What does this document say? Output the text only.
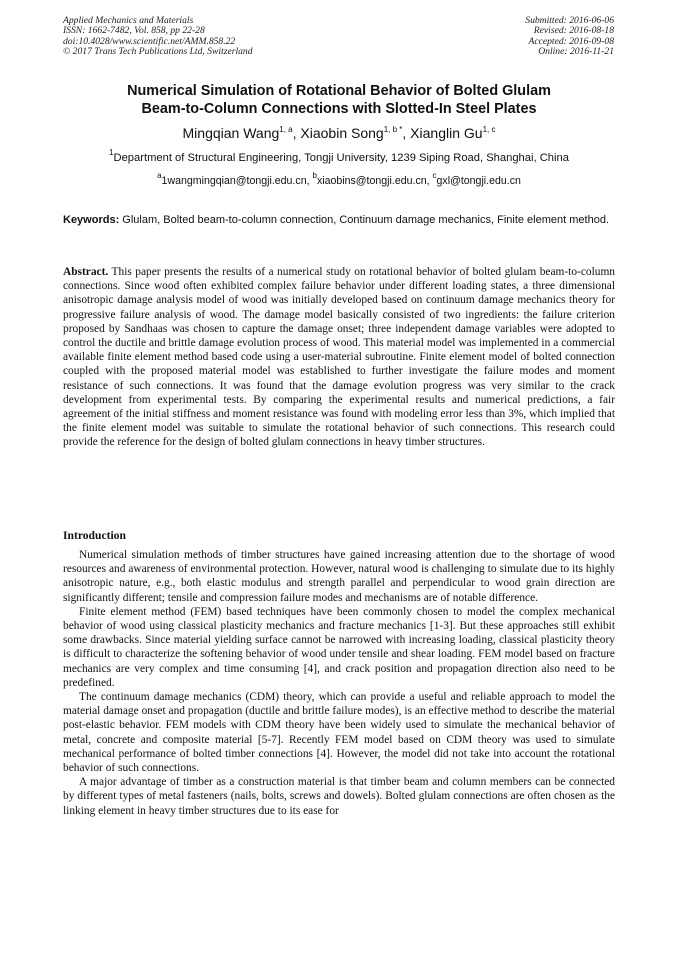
Applied Mechanics and Materials
ISSN: 1662-7482, Vol. 858, pp 22-28
doi:10.4028/www.scientific.net/AMM.858.22
© 2017 Trans Tech Publications Ltd, Switzerland
Submitted: 2016-06-06
Revised: 2016-08-18
Accepted: 2016-09-08
Online: 2016-11-21
Numerical Simulation of Rotational Behavior of Bolted Glulam
Beam-to-Column Connections with Slotted-In Steel Plates
Mingqian Wang$^{1, a}$, Xiaobin Song$^{1, b *}$, Xianglin Gu$^{1, c}$
$^1$Department of Structural Engineering, Tongji University, 1239 Siping Road, Shanghai, China
$^a$1wangmingqian@tongji.edu.cn, $^b$xiaobins@tongji.edu.cn, $^c$gxl@tongji.edu.cn
Keywords: Glulam, Bolted beam-to-column connection, Continuum damage mechanics, Finite element method.
Abstract. This paper presents the results of a numerical study on rotational behavior of bolted glulam beam-to-column connections. Since wood often exhibited complex failure behavior under different loading states, a three dimensional anisotropic damage analysis model of wood was initially developed based on continuum damage mechanics theory for progressive failure analysis of wood. The damage model basically consisted of two ingredients: the failure criterion proposed by Sandhaas was chosen to capture the damage onset; three independent damage variables were adopted to control the ductile and brittle damage evolution process of wood. This material model was implemented in a commercial available finite element method based code using a user-material subroutine. Finite element model of bolted connection coupled with the proposed material model was established to further investigate the failure modes and moment resistance of such connections. It was found that the damage evolution progress was very similar to the crack development from experimental tests. By comparing the experimental results and numerical predictions, a fair agreement of the initial stiffness and moment resistance was found with modeling error less than 3%, which implied that the finite element model was suitable to simulate the rotational behavior of such connections. This research could provide the reference for the design of bolted glulam connections in heavy timber structures.
Introduction

Numerical simulation methods of timber structures have gained increasing attention due to the shortage of wood resources and awareness of environmental protection. However, natural wood is challenging to simulate due to its highly anisotropic nature, e.g., both elastic modulus and strength parallel and perpendicular to wood grain direction are significantly different; tensile and compression failure modes and mechanisms are of notable difference.

Finite element method (FEM) based techniques have been commonly chosen to model the complex mechanical behavior of wood using classical plasticity mechanics and fracture mechanics [1-3]. But these approaches still exhibit some drawbacks. Since material yielding surface cannot be narrowed with increasing loading, classical plasticity theory is difficult to characterize the softening behavior of wood under tensile and shear loading. FEM model based on fracture mechanics are very complex and time consuming [4], and crack position and propagation direction also need to be predefined.

The continuum damage mechanics (CDM) theory, which can provide a useful and reliable approach to model the material damage onset and propagation (ductile and brittle failure modes), is an effective method to describe the material post-elastic behavior. FEM models with CDM theory have been widely used to simulate the mechanical behavior of metal, concrete and composite material [5-7]. Recently FEM model based on CDM theory was used to simulate mechanical performance of bolted timber connections [4]. However, the model did not take into account the rotational behavior of such connections.

A major advantage of timber as a construction material is that timber beam and column members can be connected by different types of metal fasteners (nails, bolts, screws and dowels). Bolted glulam connections are often chosen as the linking element in heavy timber structures due to its ease for
